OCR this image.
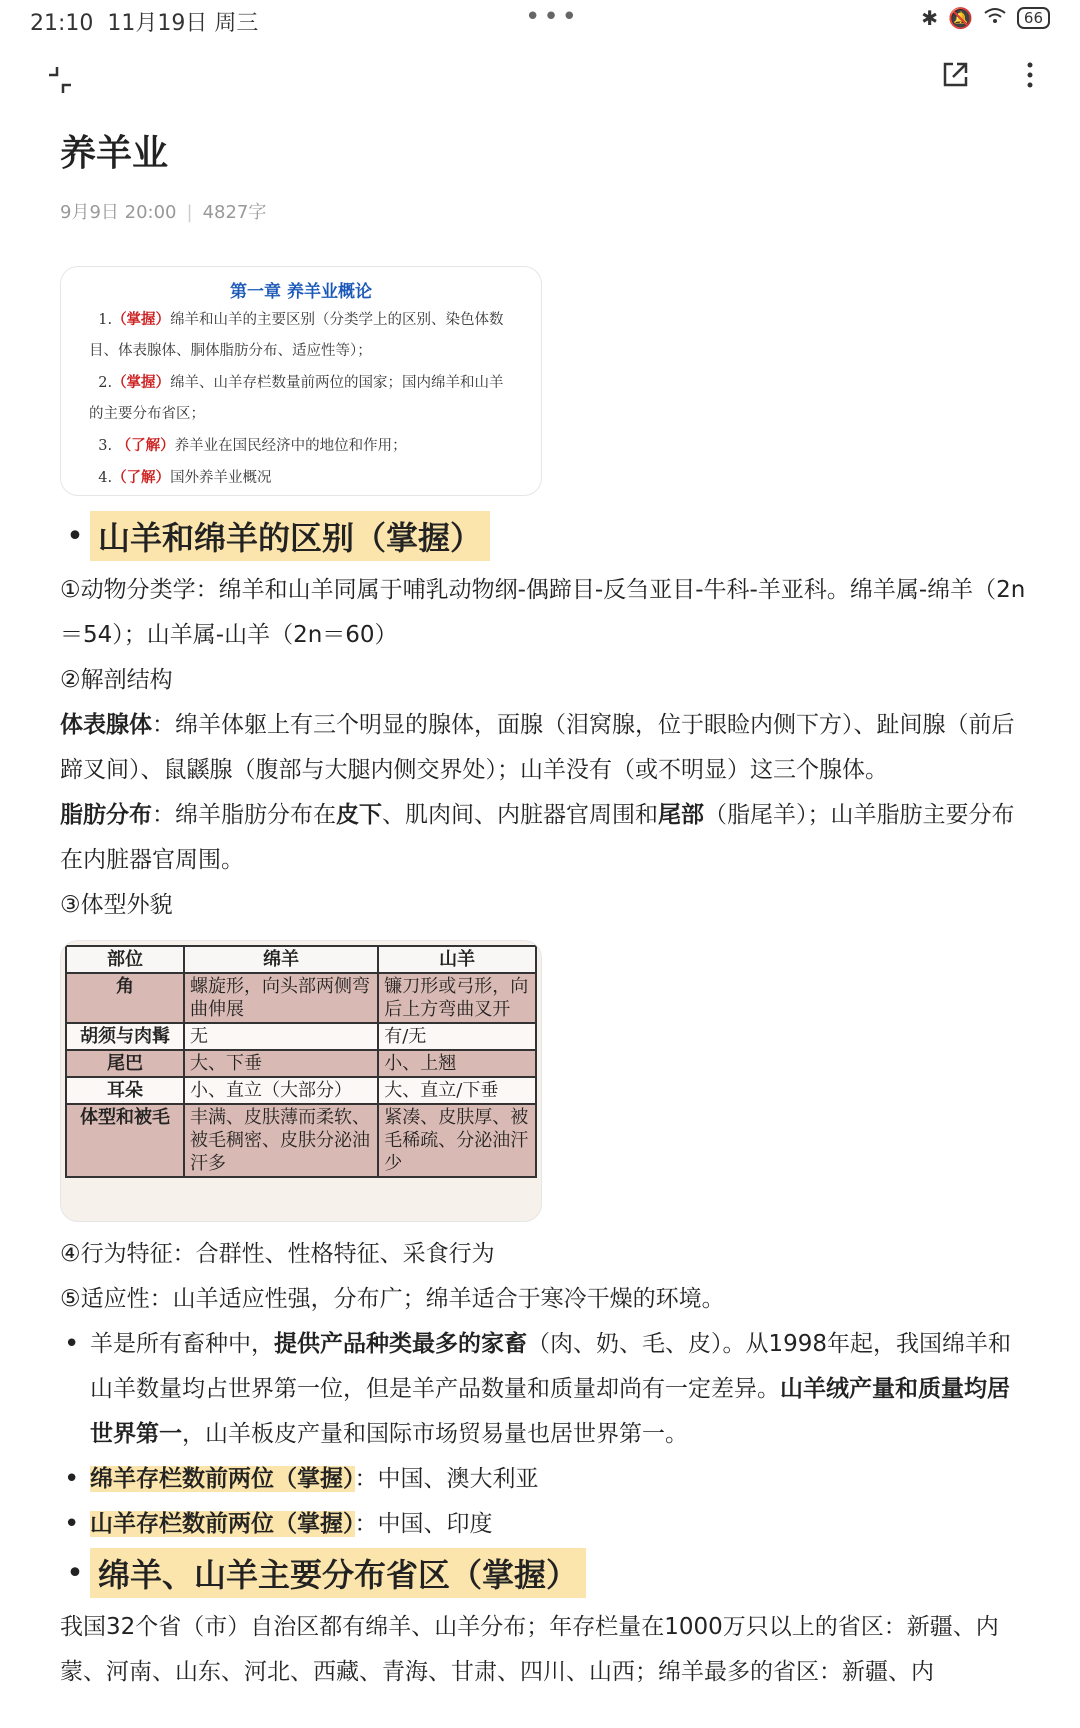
21:10 11月19日 周三	•••	✱ 🔕	66
养羊业
9月9日 20:00 | 4827字
第一章 养羊业概论
1.（掌握）绵羊和山羊的主要区别（分类学上的区别、染色体数目、体表腺体、胴体脂肪分布、适应性等）；
2.（掌握）绵羊、山羊存栏数量前两位的国家；国内绵羊和山羊的主要分布省区；
3. （了解）养羊业在国民经济中的地位和作用；
4.（了解）国外养羊业概况
• 山羊和绵羊的区别（掌握）
①动物分类学：绵羊和山羊同属于哺乳动物纲-偶蹄目-反刍亚目-牛科-羊亚科。绵羊属-绵羊（2n＝54）；山羊属-山羊（2n＝60）
②解剖结构
体表腺体：绵羊体躯上有三个明显的腺体，面腺（泪窝腺，位于眼睑内侧下方）、趾间腺（前后蹄叉间）、鼠鼷腺（腹部与大腿内侧交界处）；山羊没有（或不明显）这三个腺体。
脂肪分布：绵羊脂肪分布在皮下、肌肉间、内脏器官周围和尾部（脂尾羊）；山羊脂肪主要分布在内脏器官周围。
③体型外貌
部位	绵羊	山羊
角	螺旋形，向头部两侧弯曲伸展	镰刀形或弓形，向后上方弯曲叉开
胡须与肉髯	无	有/无
尾巴	大、下垂	小、上翘
耳朵	小、直立（大部分）	大、直立/下垂
体型和被毛	丰满、皮肤薄而柔软、被毛稠密、皮肤分泌油汗多	紧凑、皮肤厚、被毛稀疏、分泌油汗少
④行为特征：合群性、性格特征、采食行为
⑤适应性：山羊适应性强，分布广；绵羊适合于寒冷干燥的环境。
• 羊是所有畜种中，提供产品种类最多的家畜（肉、奶、毛、皮）。从1998年起，我国绵羊和山羊数量均占世界第一位，但是羊产品数量和质量却尚有一定差异。山羊绒产量和质量均居世界第一，山羊板皮产量和国际市场贸易量也居世界第一。
• 绵羊存栏数前两位（掌握）：中国、澳大利亚
• 山羊存栏数前两位（掌握）：中国、印度
• 绵羊、山羊主要分布省区（掌握）
我国32个省（市）自治区都有绵羊、山羊分布；年存栏量在1000万只以上的省区：新疆、内蒙、河南、山东、河北、西藏、青海、甘肃、四川、山西；绵羊最多的省区：新疆、内
